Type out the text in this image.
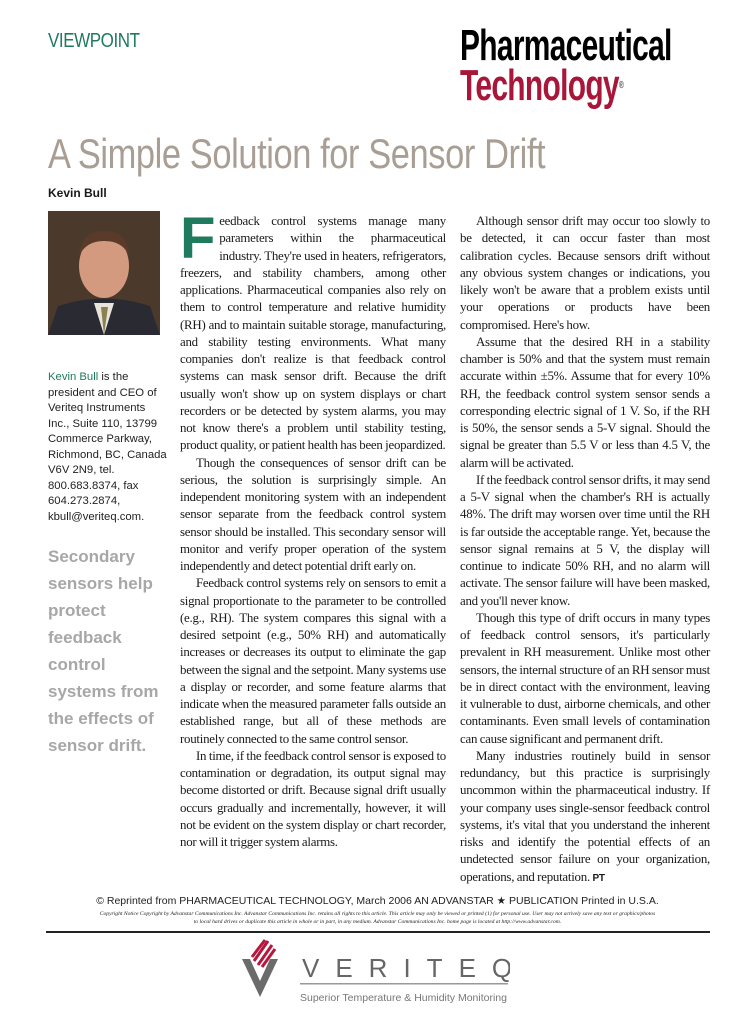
VIEWPOINT	Pharmaceutical
Technology®
A Simple Solution for Sensor Drift
Kevin Bull
Kevin Bull is the president and CEO of Veriteq Instruments Inc., Suite 110, 13799 Commerce Parkway, Richmond, BC, Canada V6V 2N9, tel. 800.683.8374, fax 604.273.2874, kbull@veriteq.com.
Secondary sensors help protect feedback control systems from the effects of sensor drift.

Feedback control systems manage many parameters within the pharmaceutical industry. They're used in heaters, refrigerators, freezers, and stability chambers, among other applications. Pharmaceutical companies also rely on them to control temperature and relative humidity (RH) and to maintain suitable storage, manufacturing, and stability testing environments. What many companies don't realize is that feedback control systems can mask sensor drift. Because the drift usually won't show up on system displays or chart recorders or be detected by system alarms, you may not know there's a problem until stability testing, product quality, or patient health has been jeopardized.

Though the consequences of sensor drift can be serious, the solution is surprisingly simple. An independent monitoring system with an independent sensor separate from the feedback control system sensor should be installed. This secondary sensor will monitor and verify proper operation of the system independently and detect potential drift early on.

Feedback control systems rely on sensors to emit a signal proportionate to the parameter to be controlled (e.g., RH). The system compares this signal with a desired setpoint (e.g., 50% RH) and automatically increases or decreases its output to eliminate the gap between the signal and the setpoint. Many systems use a display or recorder, and some feature alarms that indicate when the measured parameter falls outside an established range, but all of these methods are routinely connected to the same control sensor.

In time, if the feedback control sensor is exposed to contamination or degradation, its output signal may become distorted or drift. Because signal drift usually occurs gradually and incrementally, however, it will not be evident on the system display or chart recorder, nor will it trigger system alarms.

Although sensor drift may occur too slowly to be detected, it can occur faster than most calibration cycles. Because sensors drift without any obvious system changes or indications, you likely won't be aware that a problem exists until your operations or products have been compromised. Here's how.

Assume that the desired RH in a stability chamber is 50% and that the system must remain accurate within ±5%. Assume that for every 10% RH, the feedback control system sensor sends a corresponding electric signal of 1 V. So, if the RH is 50%, the sensor sends a 5-V signal. Should the signal be greater than 5.5 V or less than 4.5 V, the alarm will be activated.

If the feedback control sensor drifts, it may send a 5-V signal when the chamber's RH is actually 48%. The drift may worsen over time until the RH is far outside the acceptable range. Yet, because the sensor signal remains at 5 V, the display will continue to indicate 50% RH, and no alarm will activate. The sensor failure will have been masked, and you'll never know.

Though this type of drift occurs in many types of feedback control sensors, it's particularly prevalent in RH measurement. Unlike most other sensors, the internal structure of an RH sensor must be in direct contact with the environment, leaving it vulnerable to dust, airborne chemicals, and other contaminants. Even small levels of contamination can cause significant and permanent drift.

Many industries routinely build in sensor redundancy, but this practice is surprisingly uncommon within the pharmaceutical industry. If your company uses single-sensor feedback control systems, it's vital that you understand the inherent risks and identify the potential effects of an undetected sensor failure on your organization, operations, and reputation. PT

© Reprinted from PHARMACEUTICAL TECHNOLOGY, March 2006 AN ADVANSTAR ★ PUBLICATION Printed in U.S.A.
Copyright Notice Copyright by Advanstar Communications Inc. Advanstar Communications Inc. retains all rights to this article. This article may only be viewed or printed (1) for personal use. User may not actively save any text or graphics/photos to local hard drives or duplicate this article in whole or in part, in any medium. Advanstar Communications Inc. home page is located at http://www.advanstar.com.
VERITEQ
Superior Temperature & Humidity Monitoring
